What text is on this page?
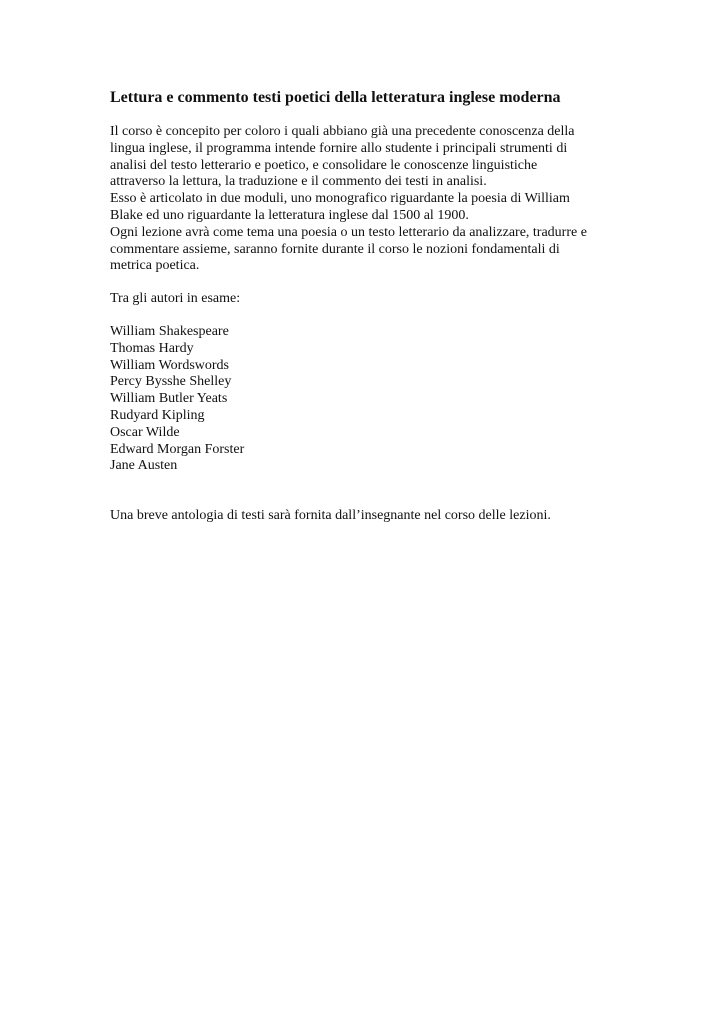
Lettura e commento testi poetici della letteratura inglese moderna

Il corso è concepito per coloro i quali abbiano già una precedente conoscenza della
lingua inglese, il programma intende fornire allo studente i principali strumenti di
analisi del testo letterario e poetico, e consolidare le conoscenze linguistiche
attraverso la lettura, la traduzione e il commento dei testi in analisi.
Esso è articolato in due moduli, uno monografico riguardante la poesia di William
Blake ed uno riguardante la letteratura inglese dal 1500 al 1900.
Ogni lezione avrà come tema una poesia o un testo letterario da analizzare, tradurre e
commentare assieme, saranno fornite durante il corso le nozioni fondamentali di
metrica poetica.

Tra gli autori in esame:

William Shakespeare
Thomas Hardy
William Wordswords
Percy Bysshe Shelley
William Butler Yeats
Rudyard Kipling
Oscar Wilde
Edward Morgan Forster
Jane Austen

Una breve antologia di testi sarà fornita dall’insegnante nel corso delle lezioni.
